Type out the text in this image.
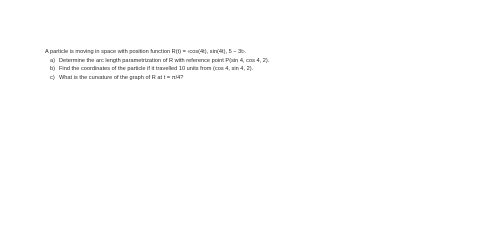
A particle is moving in space with position function R(t) = ‹cos(4t), sin(4t), 5 − 3t›.
a) Determine the arc length parametrization of R with reference point P(sin 4, cos 4, 2).
b) Find the coordinates of the particle if it travelled 10 units from (cos 4, sin 4, 2).
c) What is the curvature of the graph of R at t = π/4?
